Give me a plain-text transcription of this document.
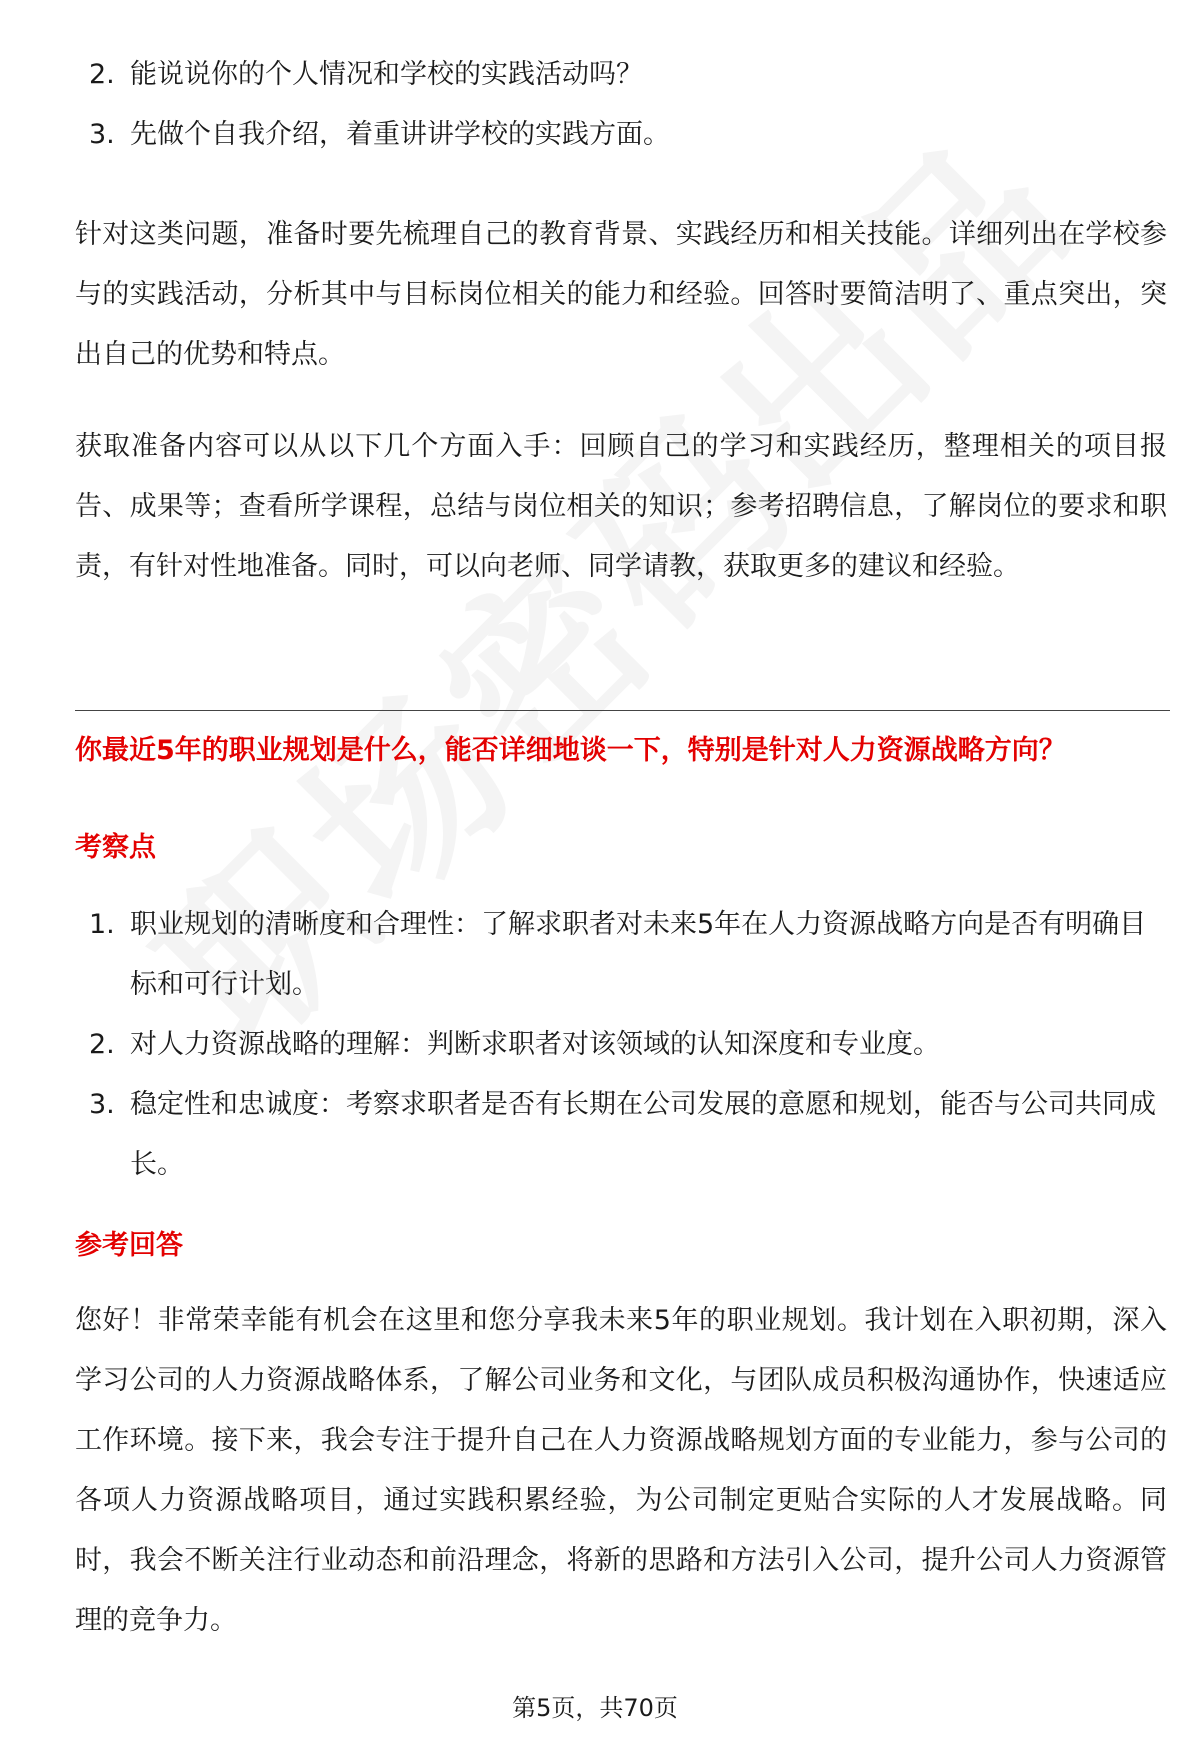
2. 能说说你的个人情况和学校的实践活动吗？
3. 先做个自我介绍，着重讲讲学校的实践方面。

针对这类问题，准备时要先梳理自己的教育背景、实践经历和相关技能。详细列出在学校参与的实践活动，分析其中与目标岗位相关的能力和经验。回答时要简洁明了、重点突出，突出自己的优势和特点。

获取准备内容可以从以下几个方面入手：回顾自己的学习和实践经历，整理相关的项目报告、成果等；查看所学课程，总结与岗位相关的知识；参考招聘信息，了解岗位的要求和职责，有针对性地准备。同时，可以向老师、同学请教，获取更多的建议和经验。

你最近5年的职业规划是什么，能否详细地谈一下，特别是针对人力资源战略方向？

考察点

1. 职业规划的清晰度和合理性：了解求职者对未来5年在人力资源战略方向是否有明确目标和可行计划。
2. 对人力资源战略的理解：判断求职者对该领域的认知深度和专业度。
3. 稳定性和忠诚度：考察求职者是否有长期在公司发展的意愿和规划，能否与公司共同成长。

参考回答

您好！非常荣幸能有机会在这里和您分享我未来5年的职业规划。我计划在入职初期，深入学习公司的人力资源战略体系，了解公司业务和文化，与团队成员积极沟通协作，快速适应工作环境。接下来，我会专注于提升自己在人力资源战略规划方面的专业能力，参与公司的各项人力资源战略项目，通过实践积累经验，为公司制定更贴合实际的人才发展战略。同时，我会不断关注行业动态和前沿理念，将新的思路和方法引入公司，提升公司人力资源管理的竞争力。

第5页，共70页
